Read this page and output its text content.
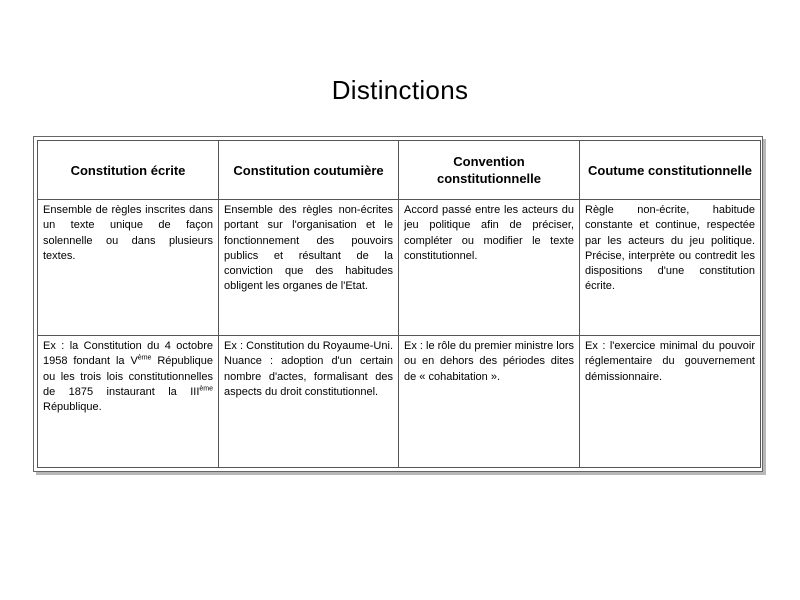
Distinctions
Constitution écrite	Constitution coutumière	Convention constitutionnelle	Coutume constitutionnelle
Ensemble de règles inscrites dans un texte unique de façon solennelle ou dans plusieurs textes.	Ensemble des règles non-écrites portant sur l'organisation et le fonctionnement des pouvoirs publics et résultant de la conviction que des habitudes obligent les organes de l'Etat.	Accord passé entre les acteurs du jeu politique afin de préciser, compléter ou modifier le texte constitutionnel.	Règle non-écrite, habitude constante et continue, respectée par les acteurs du jeu politique. Précise, interprète ou contredit les dispositions d'une constitution écrite.
Ex : la Constitution du 4 octobre 1958 fondant la Vème République ou les trois lois constitutionnelles de 1875 instaurant la IIIème République.	Ex : Constitution du Royaume-Uni. Nuance : adoption d'un certain nombre d'actes, formalisant des aspects du droit constitutionnel.	Ex : le rôle du premier ministre lors ou en dehors des périodes dites de « cohabitation ».	Ex : l'exercice minimal du pouvoir réglementaire du gouvernement démissionnaire.
